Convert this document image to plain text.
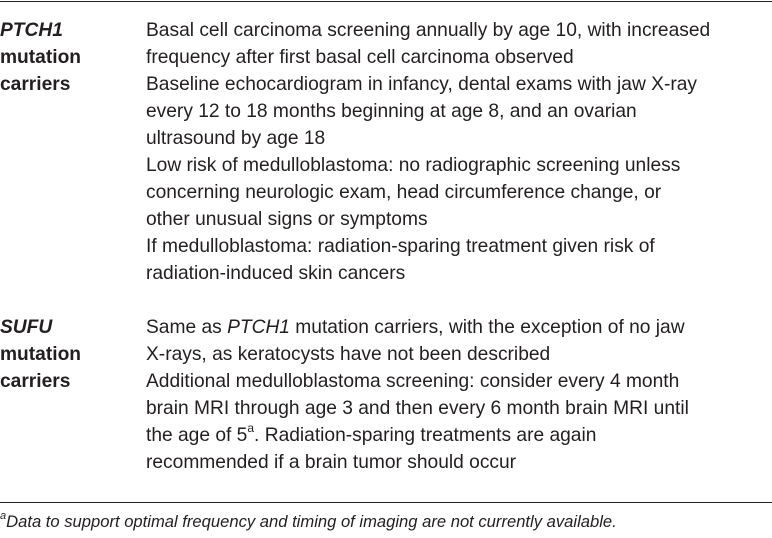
PTCH1
mutation
carriers
Basal cell carcinoma screening annually by age 10, with increased
frequency after first basal cell carcinoma observed
Baseline echocardiogram in infancy, dental exams with jaw X-ray
every 12 to 18 months beginning at age 8, and an ovarian
ultrasound by age 18
Low risk of medulloblastoma: no radiographic screening unless
concerning neurologic exam, head circumference change, or
other unusual signs or symptoms
If medulloblastoma: radiation-sparing treatment given risk of
radiation-induced skin cancers
SUFU
mutation
carriers
Same as PTCH1 mutation carriers, with the exception of no jaw
X-rays, as keratocysts have not been described
Additional medulloblastoma screening: consider every 4 month
brain MRI through age 3 and then every 6 month brain MRI until
the age of 5$^a$. Radiation-sparing treatments are again
recommended if a brain tumor should occur
$^a$Data to support optimal frequency and timing of imaging are not currently available.
